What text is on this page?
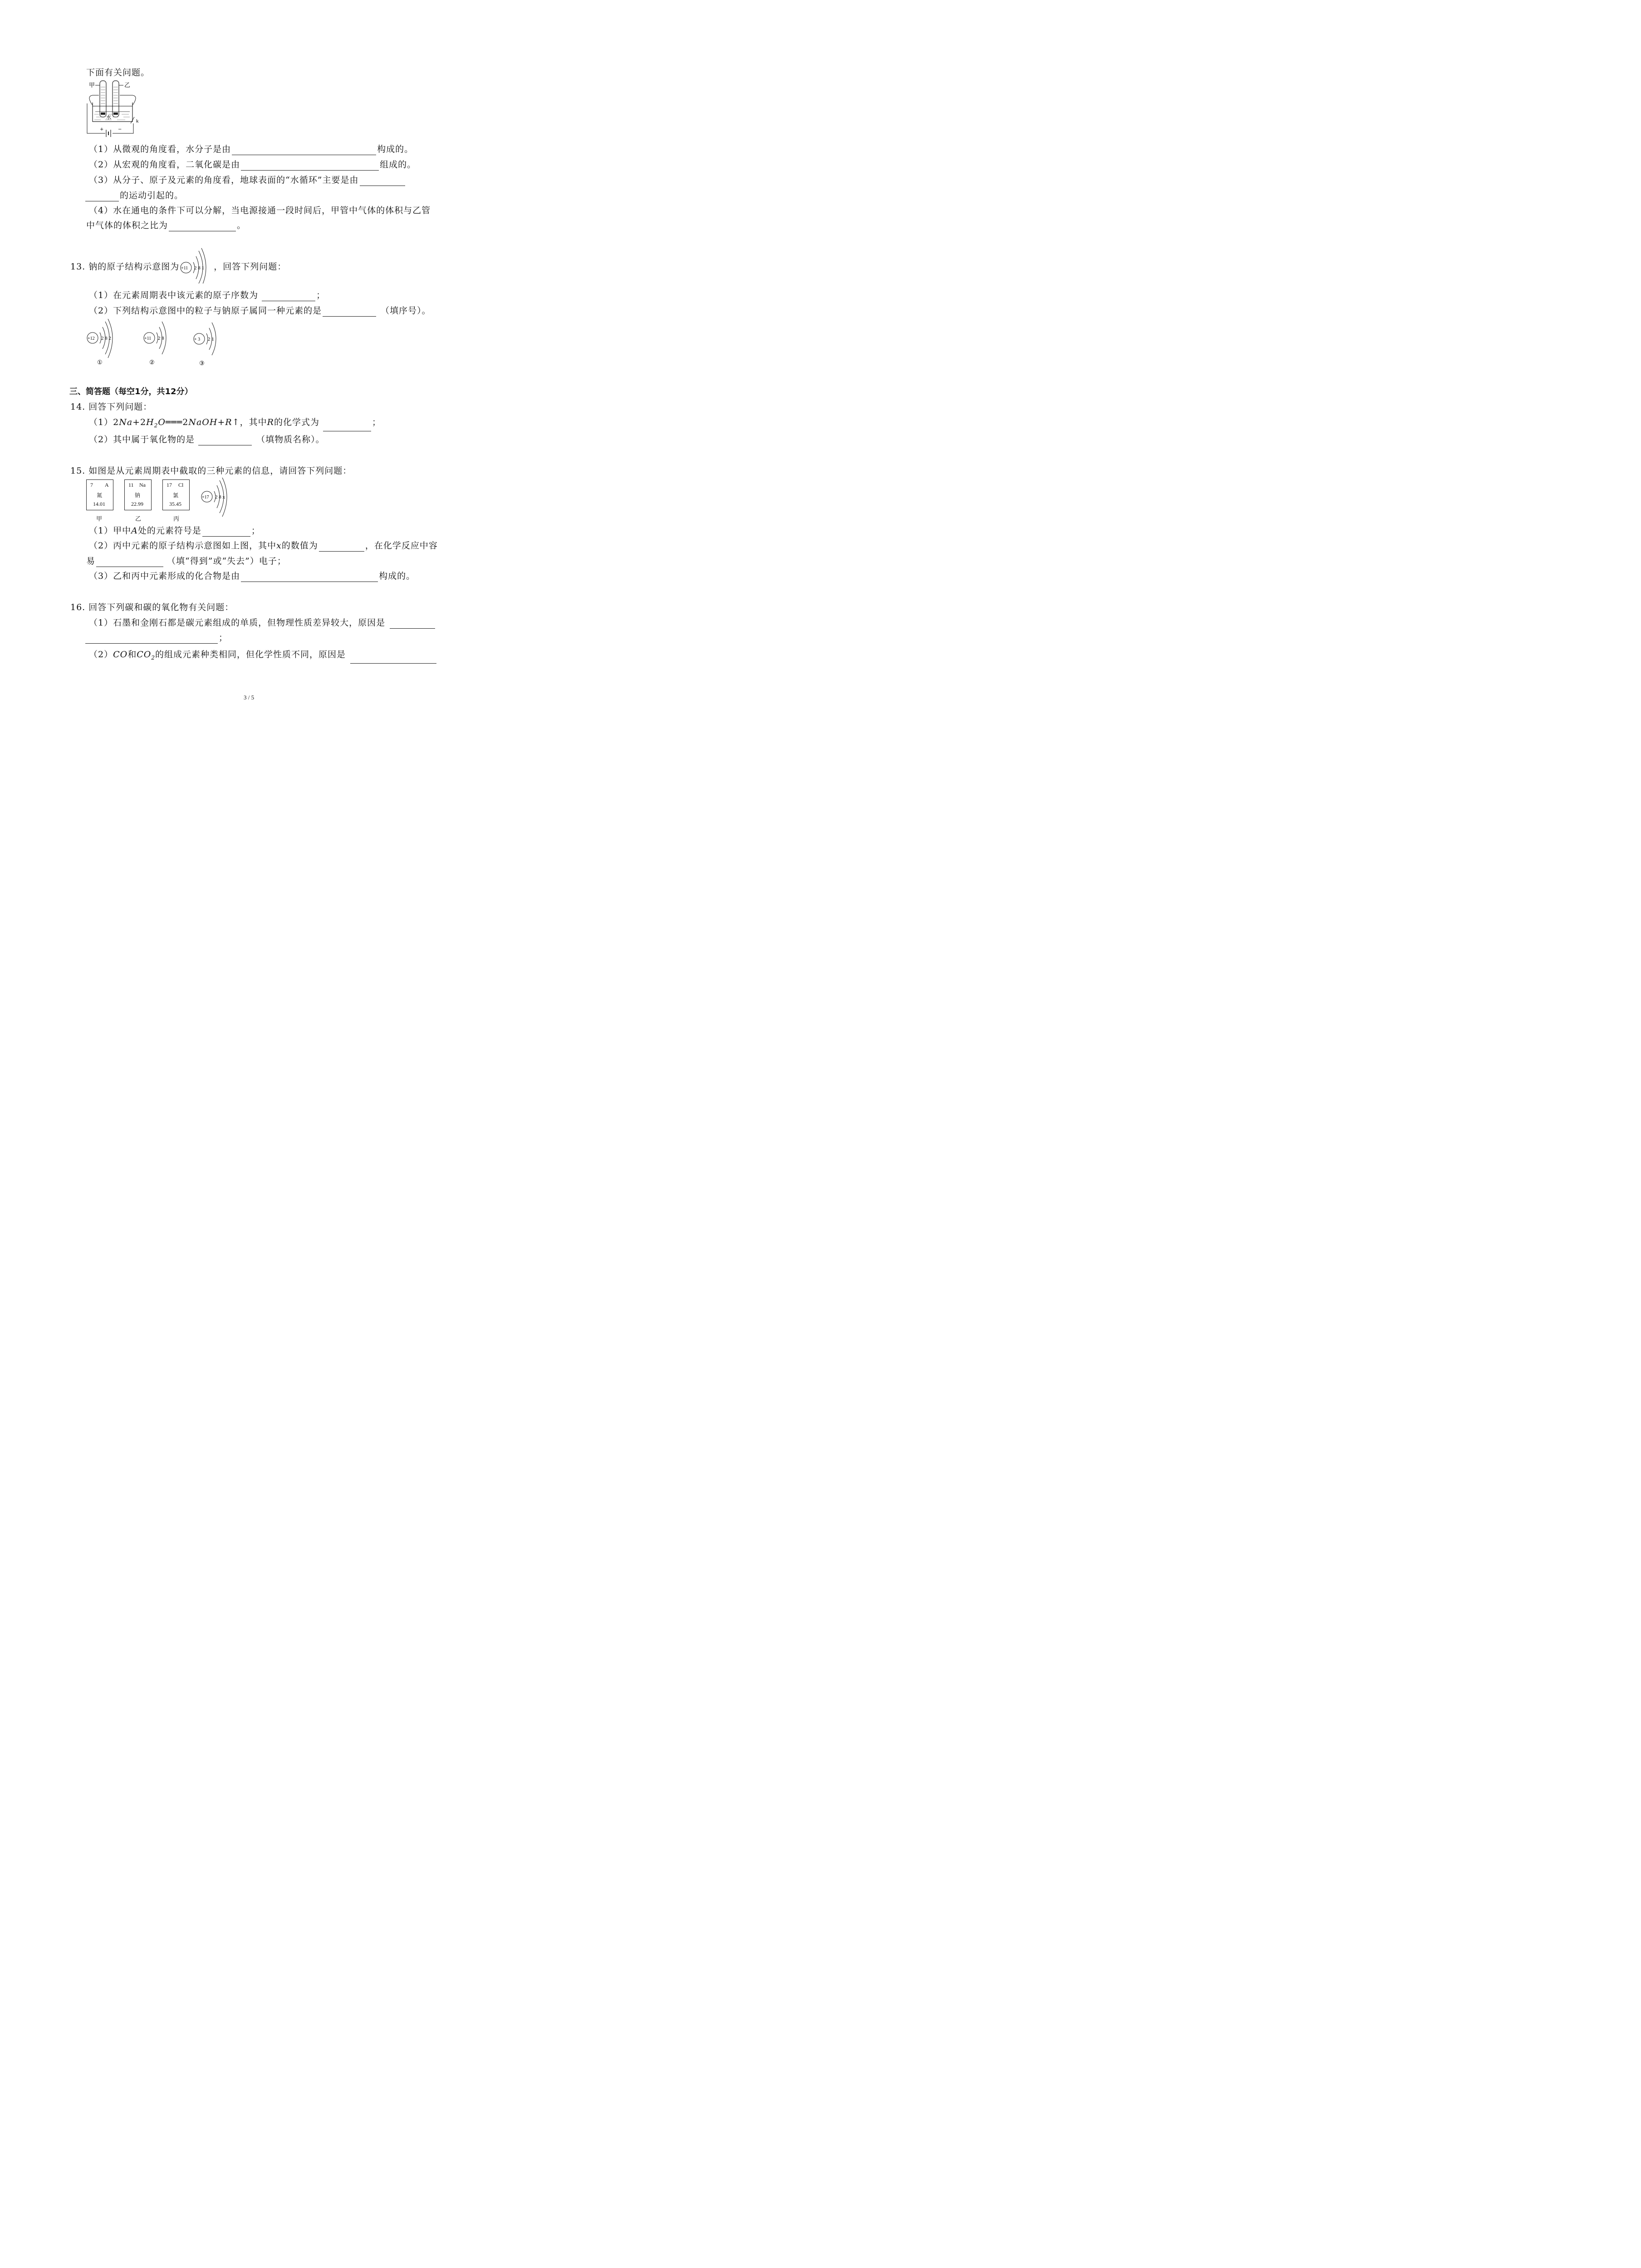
下面有关问题。
甲	乙
水
k
+	−
（1）从微观的角度看，水分子是由	构成的。
（2）从宏观的角度看，二氧化碳是由	组成的。
（3）从分子、原子及元素的角度看，地球表面的“水循环”主要是由
的运动引起的。
（4）水在通电的条件下可以分解，当电源接通一段时间后，甲管中气体的体积与乙管
中气体的体积之比为	。
13. 钠的原子结构示意图为	，回答下列问题：
+11 2 8 1
（1）在元素周期表中该元素的原子序数为	；
（2）下列结构示意图中的粒子与钠原子属同一种元素的是	（填序号）。
+12 2 8 2
①
+11 2 8
②
+ 3 2 1
③
三、简答题（每空1分，共12分）
14. 回答下列问题：
$(1)2Na+2H_2O═══2NaOH+R↑$，其中R的化学式为	；
（2）其中属于氧化物的是	（填物质名称）。
15. 如图是从元素周期表中截取的三种元素的信息，请回答下列问题：
7 A
氮
14.01
11 Na
钠
22.99
17 Cl
氯
35.45
甲	乙	丙
+17 2 8 x
（1）甲中A处的元素符号是	；
（2）丙中元素的原子结构示意图如上图，其中x的数值为	，在化学反应中容
易	（填“得到”或“失去”）电子；
（3）乙和丙中元素形成的化合物是由	构成的。
16. 回答下列碳和碳的氧化物有关问题：
（1）石墨和金刚石都是碳元素组成的单质，但物理性质差异较大，原因是
；
（2）CO和$CO_2$的组成元素种类相同，但化学性质不同，原因是
3 / 5
